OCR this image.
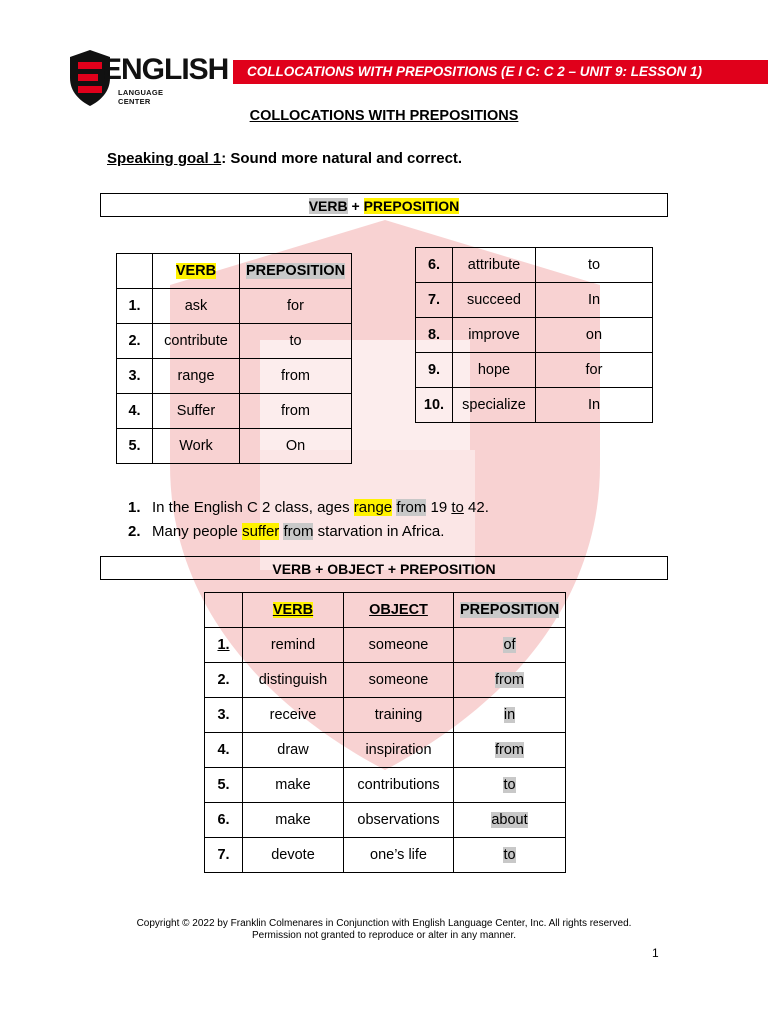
ENGLISH
LANGUAGE CENTER
COLLOCATIONS WITH PREPOSITIONS (E I C: C 2 – UNIT 9: LESSON 1)
COLLOCATIONS WITH PREPOSITIONS
Speaking goal 1: Sound more natural and correct.
VERB + PREPOSITION
	VERB	PREPOSITION
1.	ask	for
2.	contribute	to
3.	range	from
4.	Suffer	from
5.	Work	On
6.	attribute	to
7.	succeed	In
8.	improve	on
9.	hope	for
10.	specialize	In
1. In the English C 2 class, ages range from 19 to 42.
2. Many people suffer from starvation in Africa.
VERB + OBJECT + PREPOSITION
	VERB	OBJECT	PREPOSITION
1.	remind	someone	of
2.	distinguish	someone	from
3.	receive	training	in
4.	draw	inspiration	from
5.	make	contributions	to
6.	make	observations	about
7.	devote	one’s life	to
Copyright © 2022 by Franklin Colmenares in Conjunction with English Language Center, Inc. All rights reserved.
Permission not granted to reproduce or alter in any manner.
1
